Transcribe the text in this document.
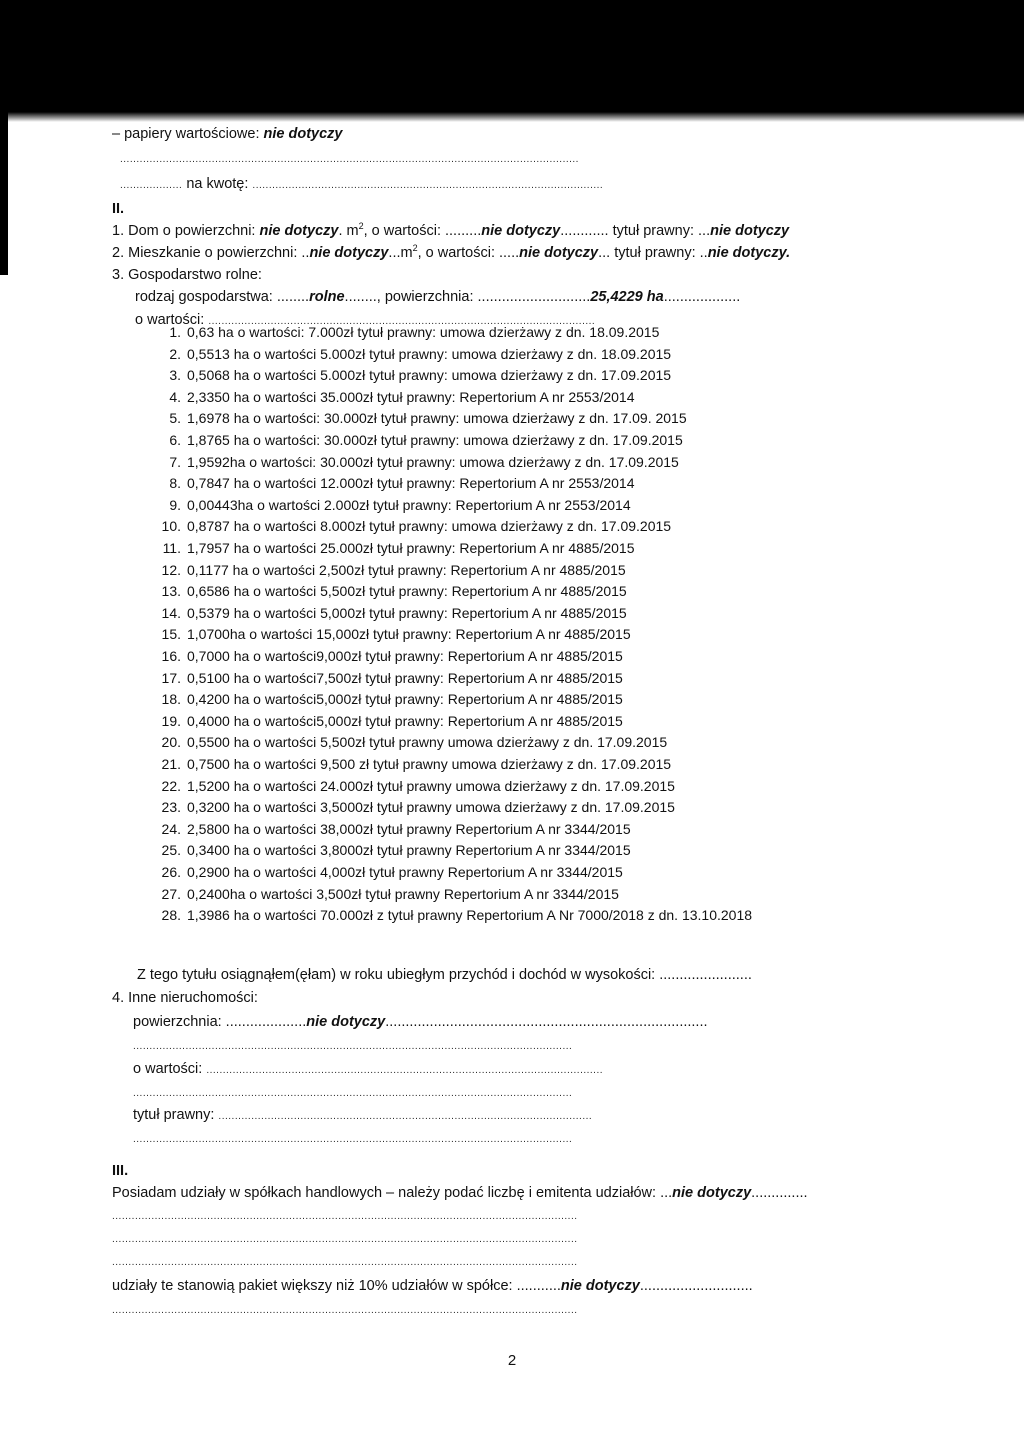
– papiery wartościowe: nie dotyczy
............................................................................................................................................
................... na kwotę: ...........................................................................................................
II.
1. Dom o powierzchni: nie dotyczy. $m^2$, o wartości: .........nie dotyczy............ tytuł prawny: ...nie dotyczy
2. Mieszkanie o powierzchni: ..nie $dotyczy...m^2$, o wartości: .....nie dotyczy... tytuł prawny: ..nie dotyczy.
3. Gospodarstwo rolne:
rodzaj gospodarstwa: ........rolne........, powierzchnia: ............................25,4229 ha...................
o wartości: ......................................................................................................................
1. 0,63 ha o wartości: 7.000zł tytuł prawny: umowa dzierżawy z dn. 18.09.2015
2. 0,5513 ha o wartości 5.000zł tytuł prawny: umowa dzierżawy z dn. 18.09.2015
3. 0,5068 ha o wartości 5.000zł tytuł prawny: umowa dzierżawy z dn. 17.09.2015
4. 2,3350 ha o wartości 35.000zł tytuł prawny: Repertorium A nr 2553/2014
5. 1,6978 ha o wartości: 30.000zł tytuł prawny: umowa dzierżawy z dn. 17.09. 2015
6. 1,8765 ha o wartości: 30.000zł tytuł prawny: umowa dzierżawy z dn. 17.09.2015
7. 1,9592ha o wartości: 30.000zł tytuł prawny: umowa dzierżawy z dn. 17.09.2015
8. 0,7847 ha o wartości 12.000zł tytuł prawny: Repertorium A nr 2553/2014
9. 0,00443ha o wartości 2.000zł tytuł prawny: Repertorium A nr 2553/2014
10. 0,8787 ha o wartości 8.000zł tytuł prawny: umowa dzierżawy z dn. 17.09.2015
11. 1,7957 ha o wartości 25.000zł tytuł prawny: Repertorium A nr 4885/2015
12. 0,1177 ha o wartości 2,500zł tytuł prawny: Repertorium A nr 4885/2015
13. 0,6586 ha o wartości 5,500zł tytuł prawny: Repertorium A nr 4885/2015
14. 0,5379 ha o wartości 5,000zł tytuł prawny: Repertorium A nr 4885/2015
15. 1,0700ha o wartości 15,000zł tytuł prawny: Repertorium A nr 4885/2015
16. 0,7000 ha o wartości9,000zł tytuł prawny: Repertorium A nr 4885/2015
17. 0,5100 ha o wartości7,500zł tytuł prawny: Repertorium A nr 4885/2015
18. 0,4200 ha o wartości5,000zł tytuł prawny: Repertorium A nr 4885/2015
19. 0,4000 ha o wartości5,000zł tytuł prawny: Repertorium A nr 4885/2015
20. 0,5500 ha o wartości 5,500zł tytuł prawny umowa dzierżawy z dn. 17.09.2015
21. 0,7500 ha o wartości 9,500 zł tytuł prawny umowa dzierżawy z dn. 17.09.2015
22. 1,5200 ha o wartości 24.000zł tytuł prawny umowa dzierżawy z dn. 17.09.2015
23. 0,3200 ha o wartości 3,5000zł tytuł prawny umowa dzierżawy z dn. 17.09.2015
24. 2,5800 ha o wartości 38,000zł tytuł prawny Repertorium A nr 3344/2015
25. 0,3400 ha o wartości 3,8000zł tytuł prawny Repertorium A nr 3344/2015
26. 0,2900 ha o wartości 4,000zł tytuł prawny Repertorium A nr 3344/2015
27. 0,2400ha o wartości 3,500zł tytuł prawny Repertorium A nr 3344/2015
28. 1,3986 ha o wartości 70.000zł z tytuł prawny Repertorium A Nr 7000/2018 z dn. 13.10.2018
Z tego tytułu osiągnąłem(ęłam) w roku ubiegłym przychód i dochód w wysokości: .......................
4. Inne nieruchomości:
powierzchnia: ....................nie dotyczy................................................................................
......................................................................................................................................
o wartości: .........................................................................................................................
......................................................................................................................................
tytuł prawny: ..................................................................................................................
......................................................................................................................................
III.
Posiadam udziały w spółkach handlowych – należy podać liczbę i emitenta udziałów: ...nie dotyczy..............
..............................................................................................................................................
..............................................................................................................................................
..............................................................................................................................................
udziały te stanowią pakiet większy niż 10% udziałów w spółce: ...........nie dotyczy............................
..............................................................................................................................................
2
